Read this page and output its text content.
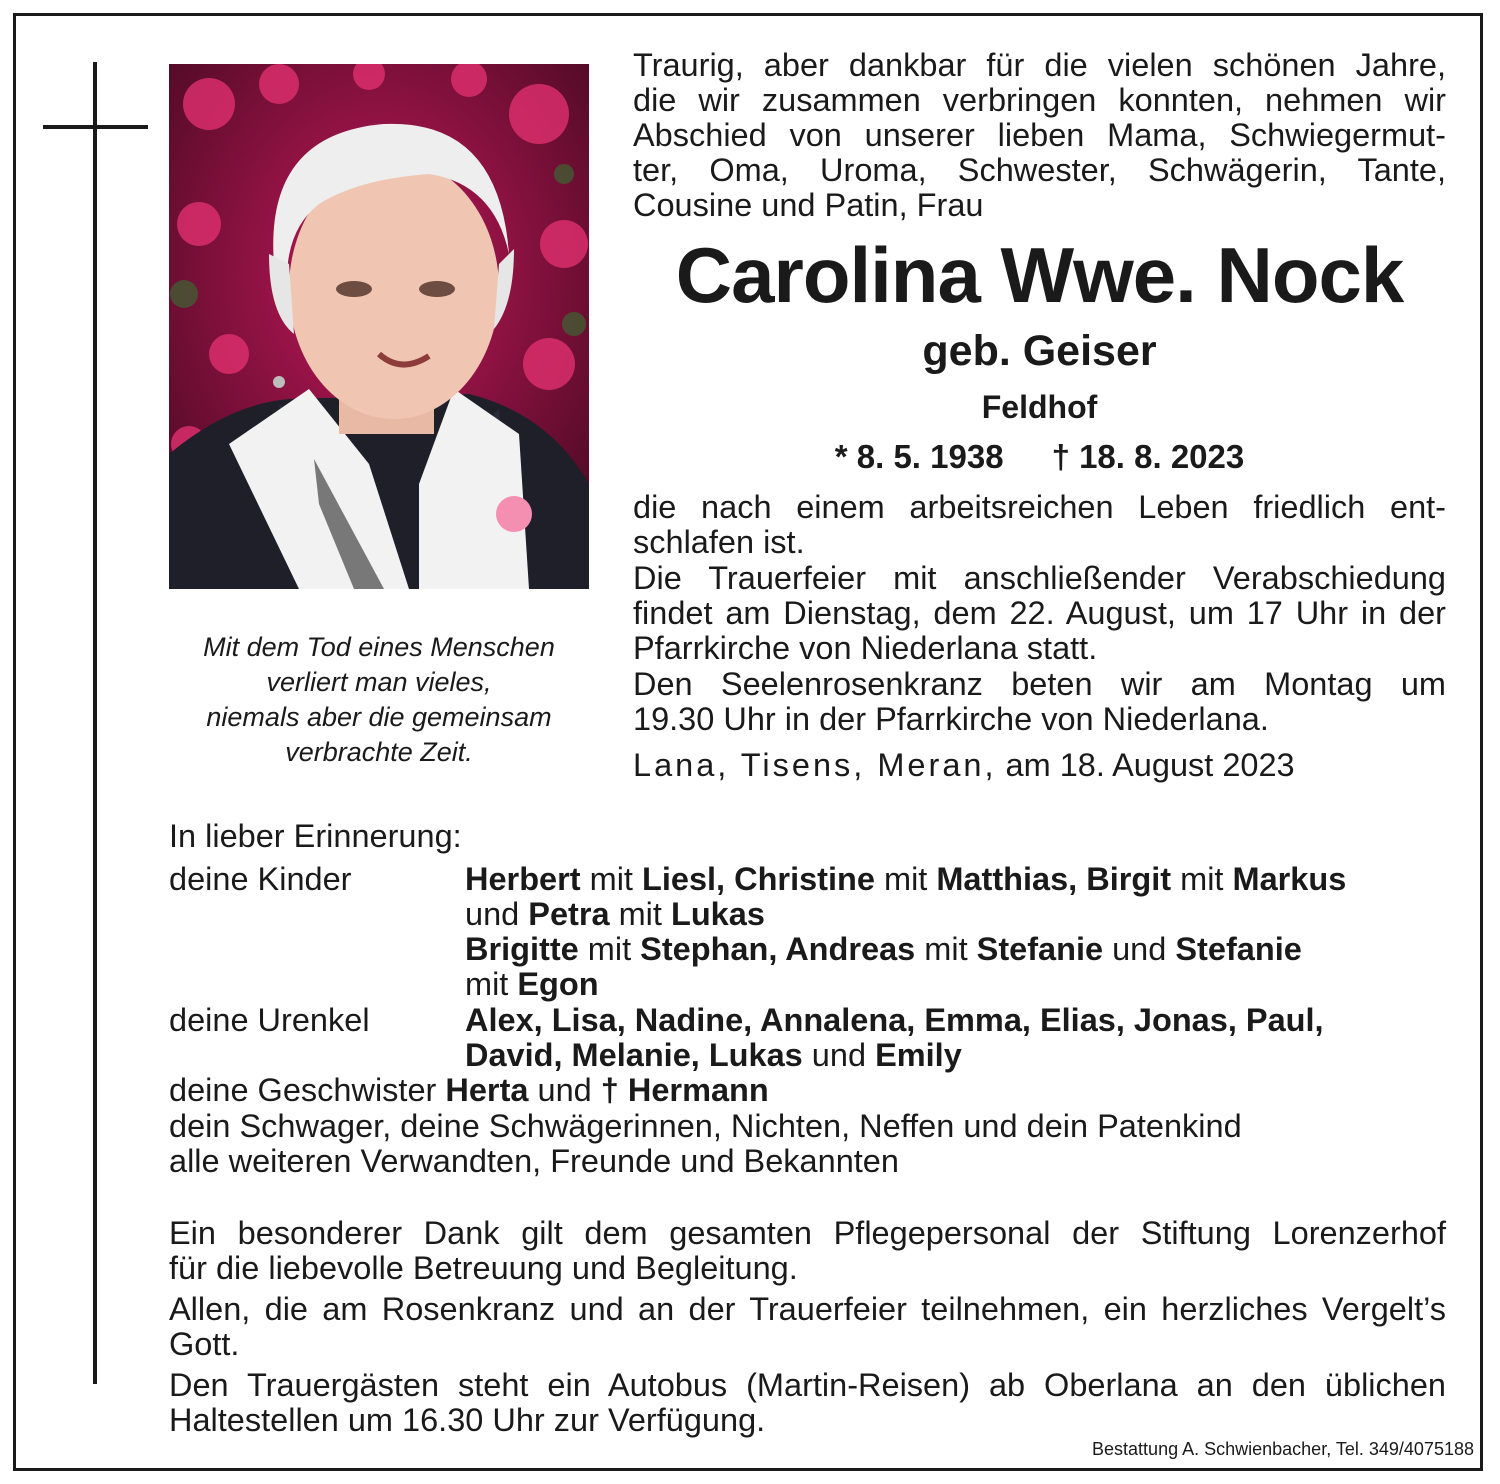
Mit dem Tod eines Menschen
verliert man vieles,
niemals aber die gemeinsam
verbrachte Zeit.
Traurig, aber dankbar für die vielen schönen Jahre,
die wir zusammen verbringen konnten, nehmen wir
Abschied von unserer lieben Mama, Schwiegermut-
ter, Oma, Uroma, Schwester, Schwägerin, Tante,
Cousine und Patin, Frau
Carolina Wwe. Nock
geb. Geiser
Feldhof
* 8. 5. 1938 † 18. 8. 2023
die nach einem arbeitsreichen Leben friedlich ent-
schlafen ist.
Die Trauerfeier mit anschließender Verabschiedung
findet am Dienstag, dem 22. August, um 17 Uhr in der
Pfarrkirche von Niederlana statt.
Den Seelenrosenkranz beten wir am Montag um
19.30 Uhr in der Pfarrkirche von Niederlana.
Lana, Tisens, Meran, am 18. August 2023
In lieber Erinnerung:
deine Kinder	Herbert mit Liesl, Christine mit Matthias, Birgit mit Markus
und Petra mit Lukas
Brigitte mit Stephan, Andreas mit Stefanie und Stefanie
mit Egon
deine Urenkel	Alex, Lisa, Nadine, Annalena, Emma, Elias, Jonas, Paul,
David, Melanie, Lukas und Emily
deine Geschwister Herta und † Hermann
dein Schwager, deine Schwägerinnen, Nichten, Neffen und dein Patenkind
alle weiteren Verwandten, Freunde und Bekannten
Ein besonderer Dank gilt dem gesamten Pflegepersonal der Stiftung Lorenzerhof
für die liebevolle Betreuung und Begleitung.
Allen, die am Rosenkranz und an der Trauerfeier teilnehmen, ein herzliches Vergelt’s
Gott.
Den Trauergästen steht ein Autobus (Martin-Reisen) ab Oberlana an den üblichen
Haltestellen um 16.30 Uhr zur Verfügung.
Bestattung A. Schwienbacher, Tel. 349/4075188
